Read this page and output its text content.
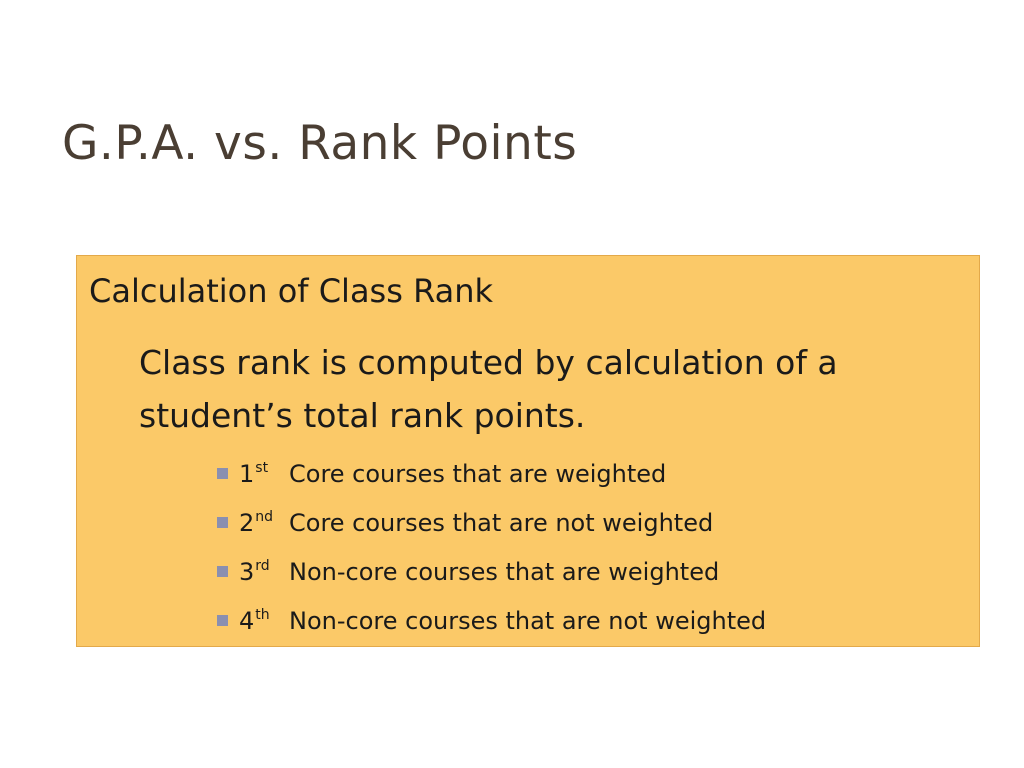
G.P.A. vs. Rank Points
Calculation of Class Rank

Class rank is computed by calculation of a student’s total rank points.

1st Core courses that are weighted
2nd Core courses that are not weighted
3rd Non-core courses that are weighted
4th Non-core courses that are not weighted
